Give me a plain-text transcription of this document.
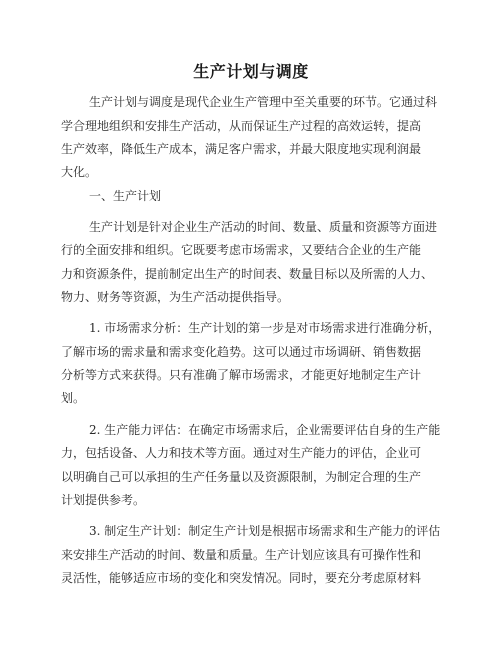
生产计划与调度
生产计划与调度是现代企业生产管理中至关重要的环节。它通过科
学合理地组织和安排生产活动，从而保证生产过程的高效运转，提高
生产效率，降低生产成本，满足客户需求，并最大限度地实现利润最
大化。
一、生产计划
生产计划是针对企业生产活动的时间、数量、质量和资源等方面进
行的全面安排和组织。它既要考虑市场需求，又要结合企业的生产能
力和资源条件，提前制定出生产的时间表、数量目标以及所需的人力、
物力、财务等资源，为生产活动提供指导。
1. 市场需求分析：生产计划的第一步是对市场需求进行准确分析，
了解市场的需求量和需求变化趋势。这可以通过市场调研、销售数据
分析等方式来获得。只有准确了解市场需求，才能更好地制定生产计
划。
2. 生产能力评估：在确定市场需求后，企业需要评估自身的生产能
力，包括设备、人力和技术等方面。通过对生产能力的评估，企业可
以明确自己可以承担的生产任务量以及资源限制，为制定合理的生产
计划提供参考。
3. 制定生产计划：制定生产计划是根据市场需求和生产能力的评估
来安排生产活动的时间、数量和质量。生产计划应该具有可操作性和
灵活性，能够适应市场的变化和突发情况。同时，要充分考虑原材料
